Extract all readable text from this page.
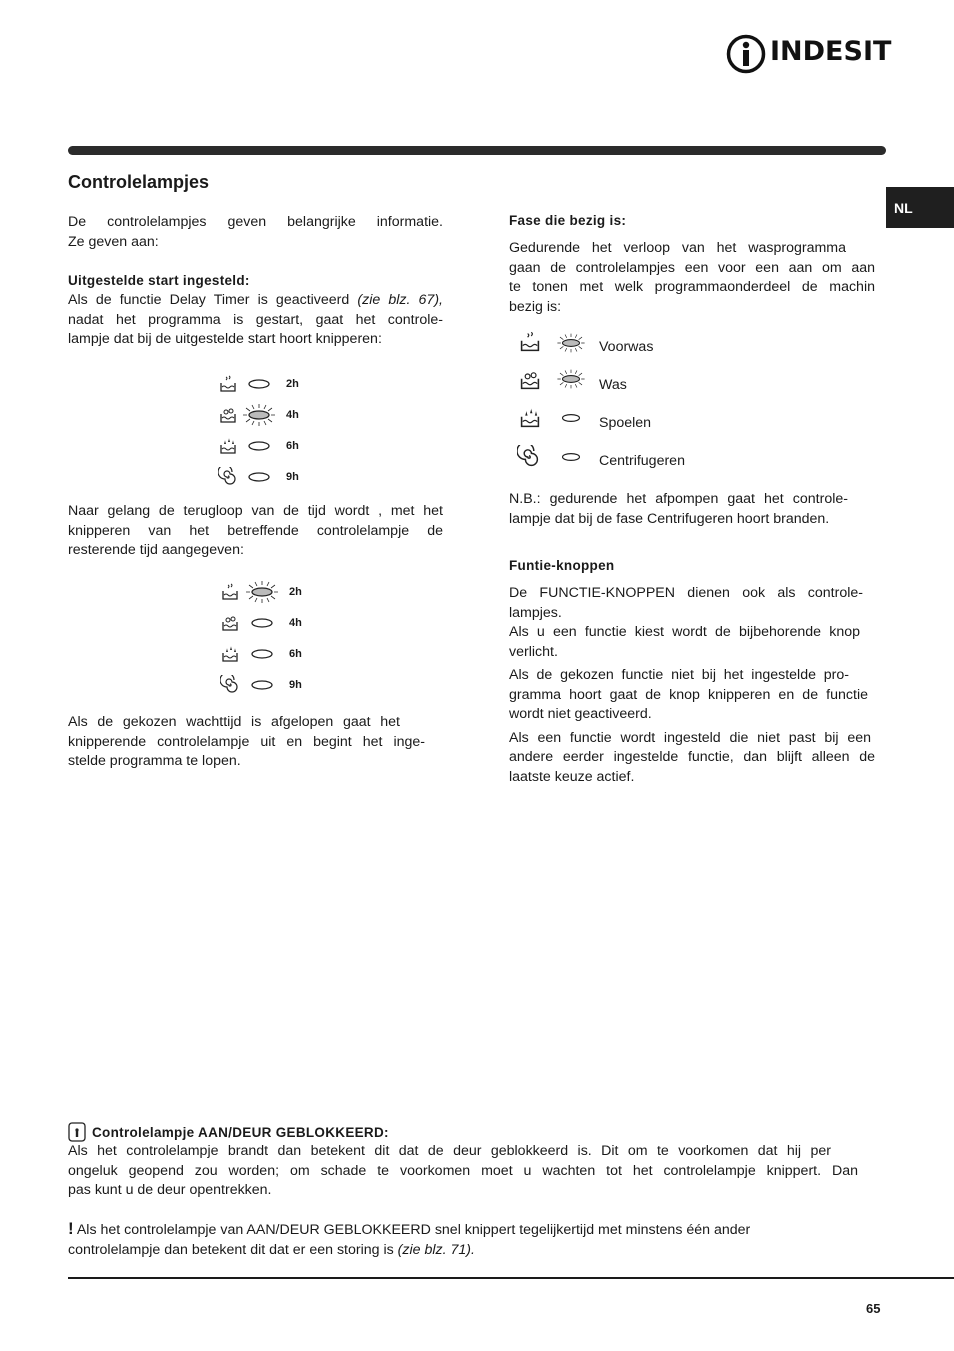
INDESIT
Controlelampjes
NL
De controlelampjes geven belangrijke informatie.
Ze geven aan:
Uitgestelde start ingesteld:
Als de functie Delay Timer is geactiveerd (zie blz. 67),
nadat het programma is gestart, gaat het controle-
lampje dat bij de uitgestelde start hoort knipperen:
2h
4h
6h
9h
Naar gelang de terugloop van de tijd wordt , met het
knipperen van het betreffende controlelampje de
resterende tijd aangegeven:
2h
4h
6h
9h
Als de gekozen wachttijd is afgelopen gaat het
knipperende controlelampje uit en begint het inge-
stelde programma te lopen.
Fase die bezig is:
Gedurende het verloop van het wasprogramma
gaan de controlelampjes een voor een aan om aan
te tonen met welk programmaonderdeel de machin
bezig is:
Voorwas
Was
Spoelen
Centrifugeren
N.B.: gedurende het afpompen gaat het controle-
lampje dat bij de fase Centrifugeren hoort branden.
Funtie-knoppen
De FUNCTIE-KNOPPEN dienen ook als controle-
lampjes.
Als u een functie kiest wordt de bijbehorende knop
verlicht.
Als de gekozen functie niet bij het ingestelde pro-
gramma hoort gaat de knop knipperen en de functie
wordt niet geactiveerd.
Als een functie wordt ingesteld die niet past bij een
andere eerder ingestelde functie, dan blijft alleen de
laatste keuze actief.
Controlelampje AAN/DEUR GEBLOKKEERD:
Als het controlelampje brandt dan betekent dit dat de deur geblokkeerd is. Dit om te voorkomen dat hij per
ongeluk geopend zou worden; om schade te voorkomen moet u wachten tot het controlelampje knippert. Dan
pas kunt u de deur opentrekken.
! Als het controlelampje van AAN/DEUR GEBLOKKEERD snel knippert tegelijkertijd met minstens één ander
controlelampje dan betekent dit dat er een storing is (zie blz. 71).
65
